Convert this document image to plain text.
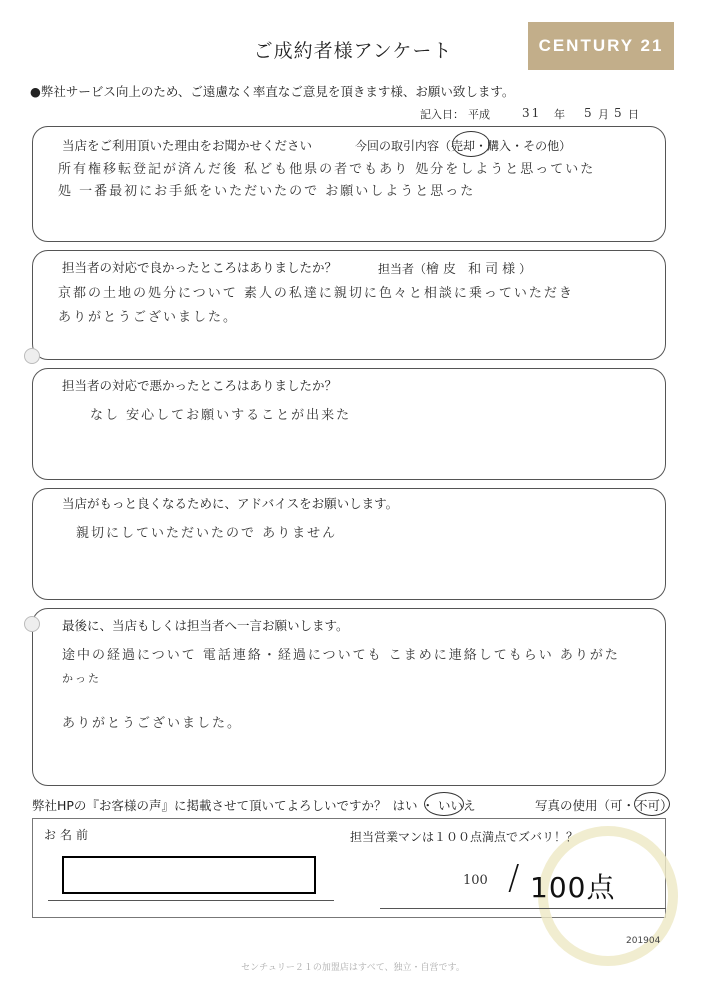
ご成約者様アンケート	CENTURY 21
●弊社サービス向上のため、ご遠慮なく率直なご意見を頂きます様、お願い致します。
記入日： 平成	31	年	5 月 5 日
当店をご利用頂いた理由をお聞かせください	今回の取引内容（売却・購入・その他）
所有権移転登記が済んだ後 私ども他県の者でもあり 処分をしようと思っていた
処 一番最初にお手紙をいただいたので お願いしようと思った
担当者の対応で良かったところはありましたか？	担当者（檜皮 和司様）
京都の土地の処分について 素人の私達に親切に色々と相談に乗っていただき
ありがとうございました。
担当者の対応で悪かったところはありましたか？
なし 安心してお願いすることが出来た
当店がもっと良くなるために、アドバイスをお願いします。
親切にしていただいたので ありません
最後に、当店もしくは担当者へ一言お願いします。
途中の経過について 電話連絡・経過についても こまめに連絡してもらい ありがた
かった
ありがとうございました。
弊社HPの『お客様の声』に掲載させて頂いてよろしいですか？ はい ・ いいえ	写真の使用（可・不可）
お名前	担当営業マンは１００点満点でズバリ！？
100 / 100点
201904
センチュリー２１の加盟店はすべて、独立・自営です。
